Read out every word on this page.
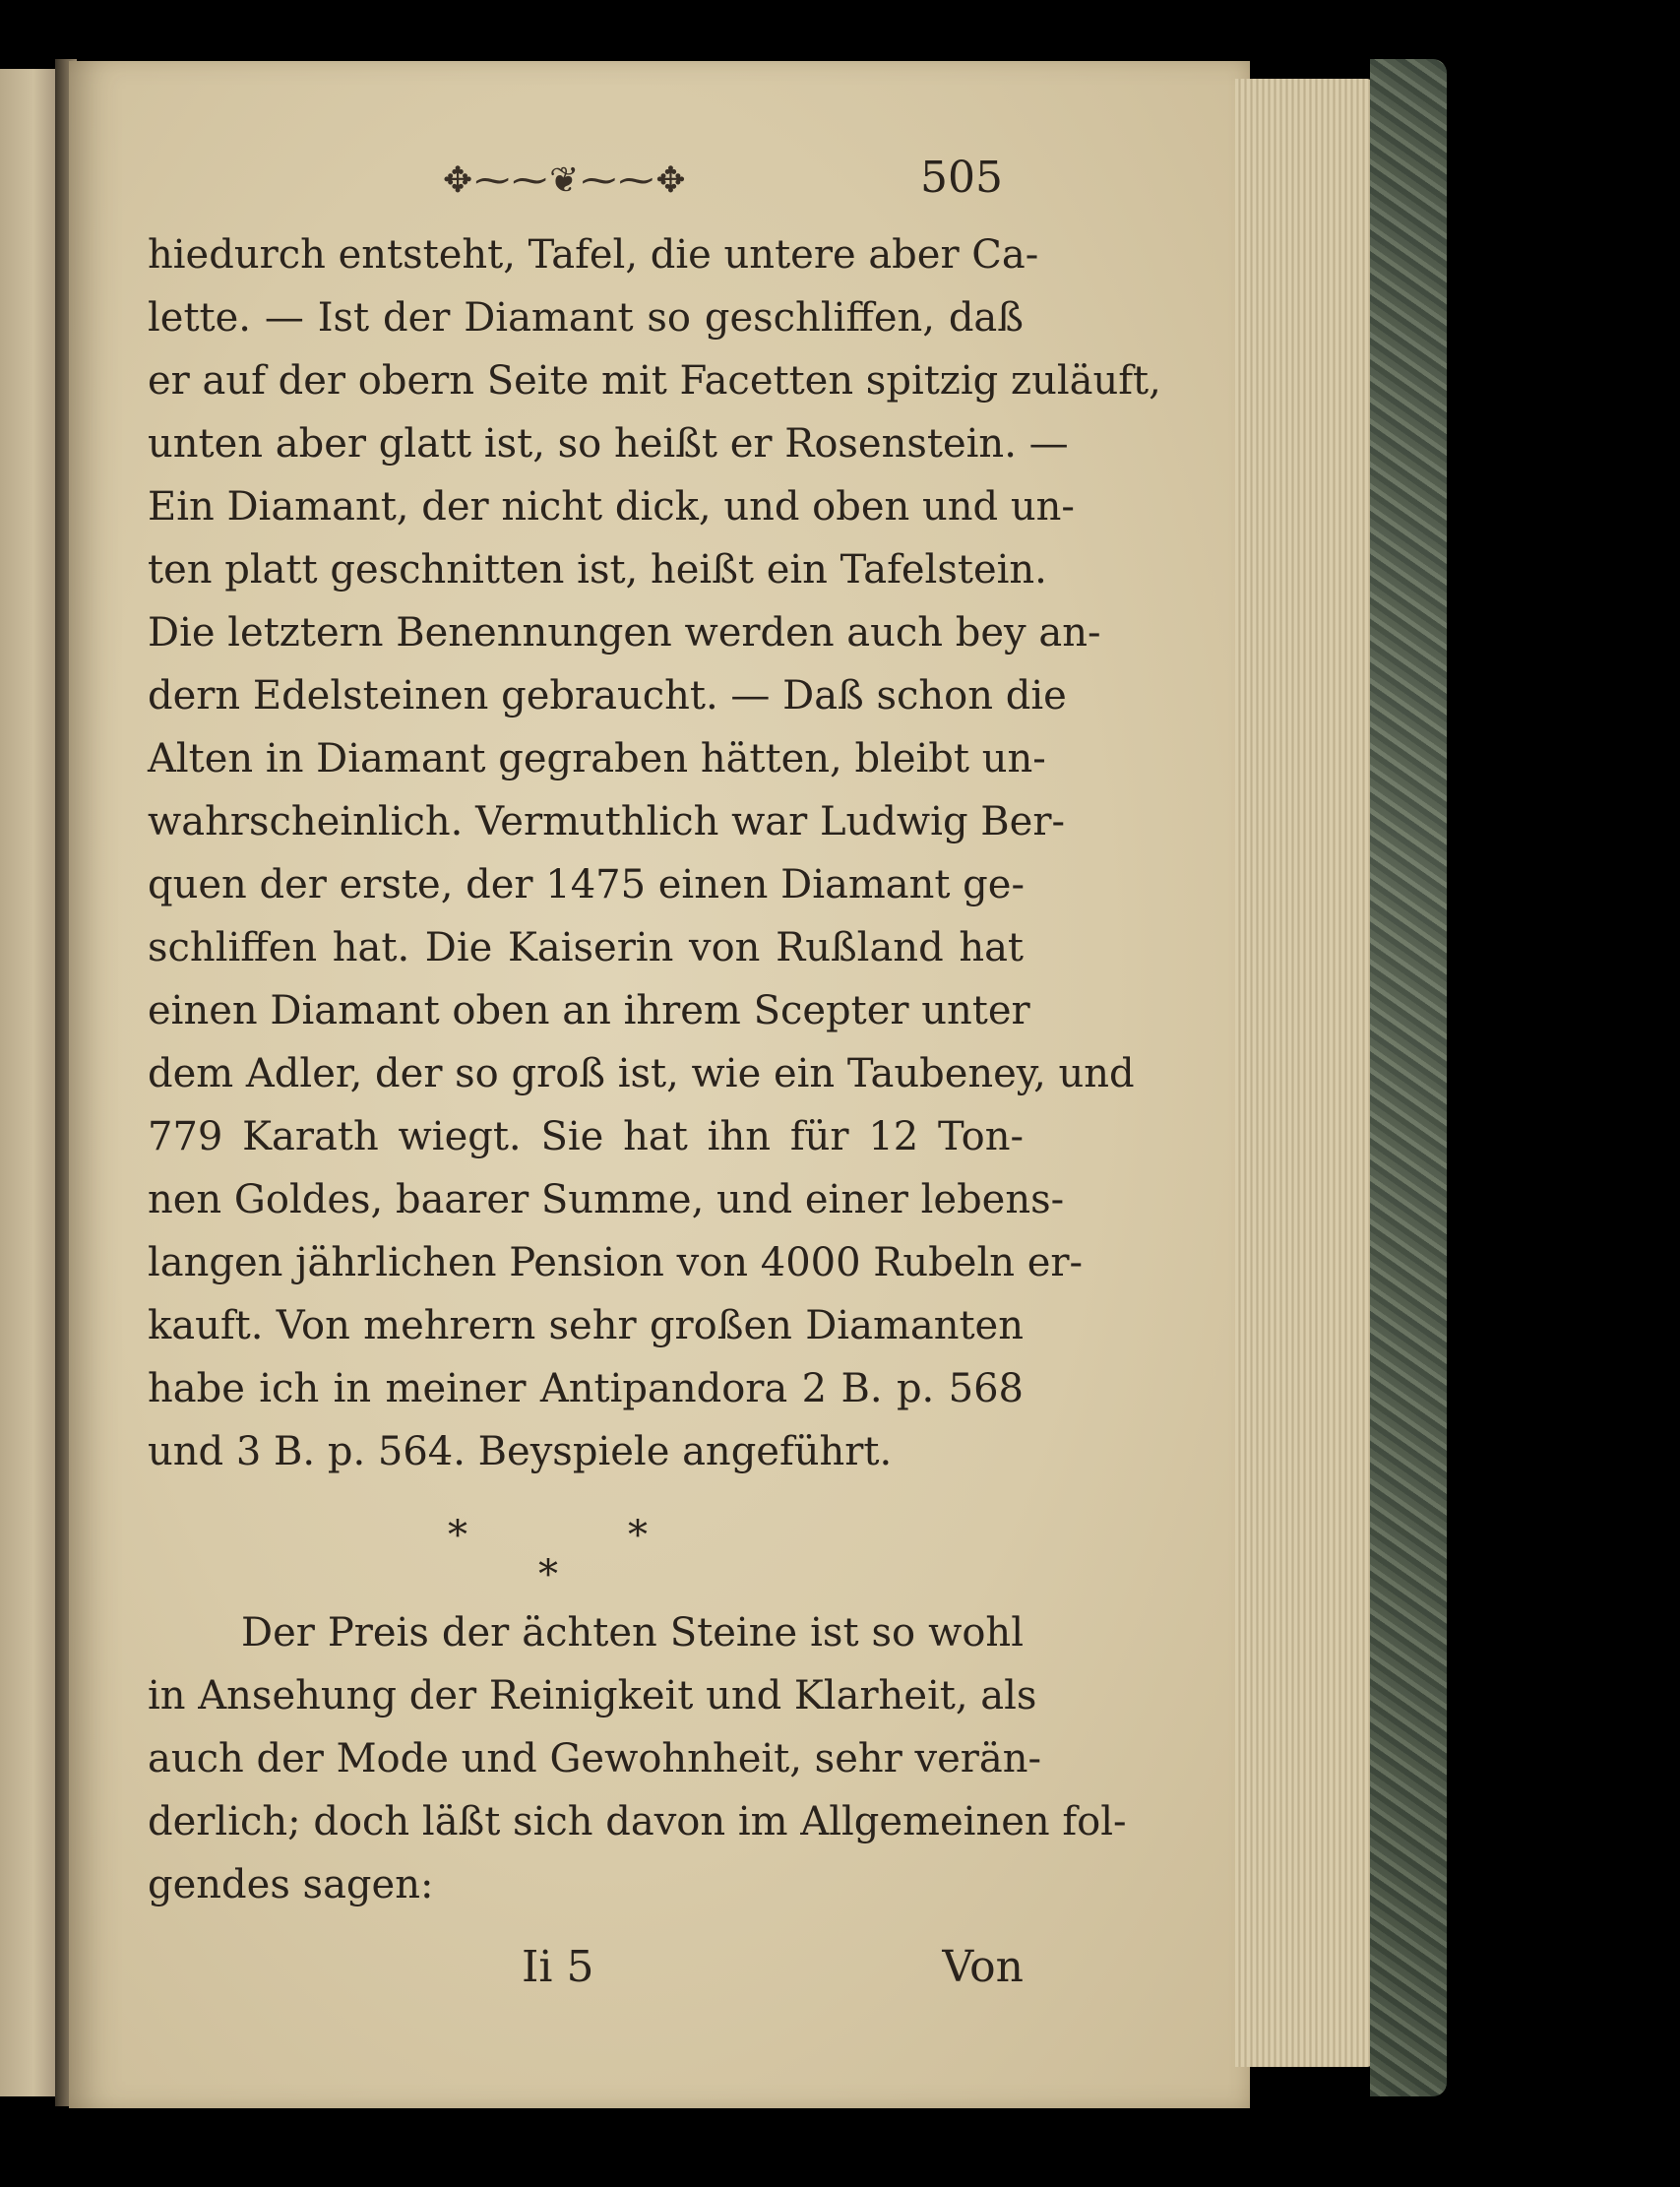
✥⁓⁓❦⁓⁓✥	505
hiedurch entsteht, Tafel, die untere aber Ca-
lette. — Ist der Diamant so geschliffen, daß
er auf der obern Seite mit Facetten spitzig zuläuft,
unten aber glatt ist, so heißt er Rosenstein. —
Ein Diamant, der nicht dick, und oben und un-
ten platt geschnitten ist, heißt ein Tafelstein.
Die letztern Benennungen werden auch bey an-
dern Edelsteinen gebraucht. — Daß schon die
Alten in Diamant gegraben hätten, bleibt un-
wahrscheinlich. Vermuthlich war Ludwig Ber-
quen der erste, der 1475 einen Diamant ge-
schliffen hat. Die Kaiserin von Rußland hat
einen Diamant oben an ihrem Scepter unter
dem Adler, der so groß ist, wie ein Taubeney, und
779 Karath wiegt. Sie hat ihn für 12 Ton-
nen Goldes, baarer Summe, und einer lebens-
langen jährlichen Pension von 4000 Rubeln er-
kauft. Von mehrern sehr großen Diamanten
habe ich in meiner Antipandora 2 B. p. 568
und 3 B. p. 564. Beyspiele angeführt.
*	*
*
Der Preis der ächten Steine ist so wohl
in Ansehung der Reinigkeit und Klarheit, als
auch der Mode und Gewohnheit, sehr verän-
derlich; doch läßt sich davon im Allgemeinen fol-
gendes sagen:
Ii 5	Von
